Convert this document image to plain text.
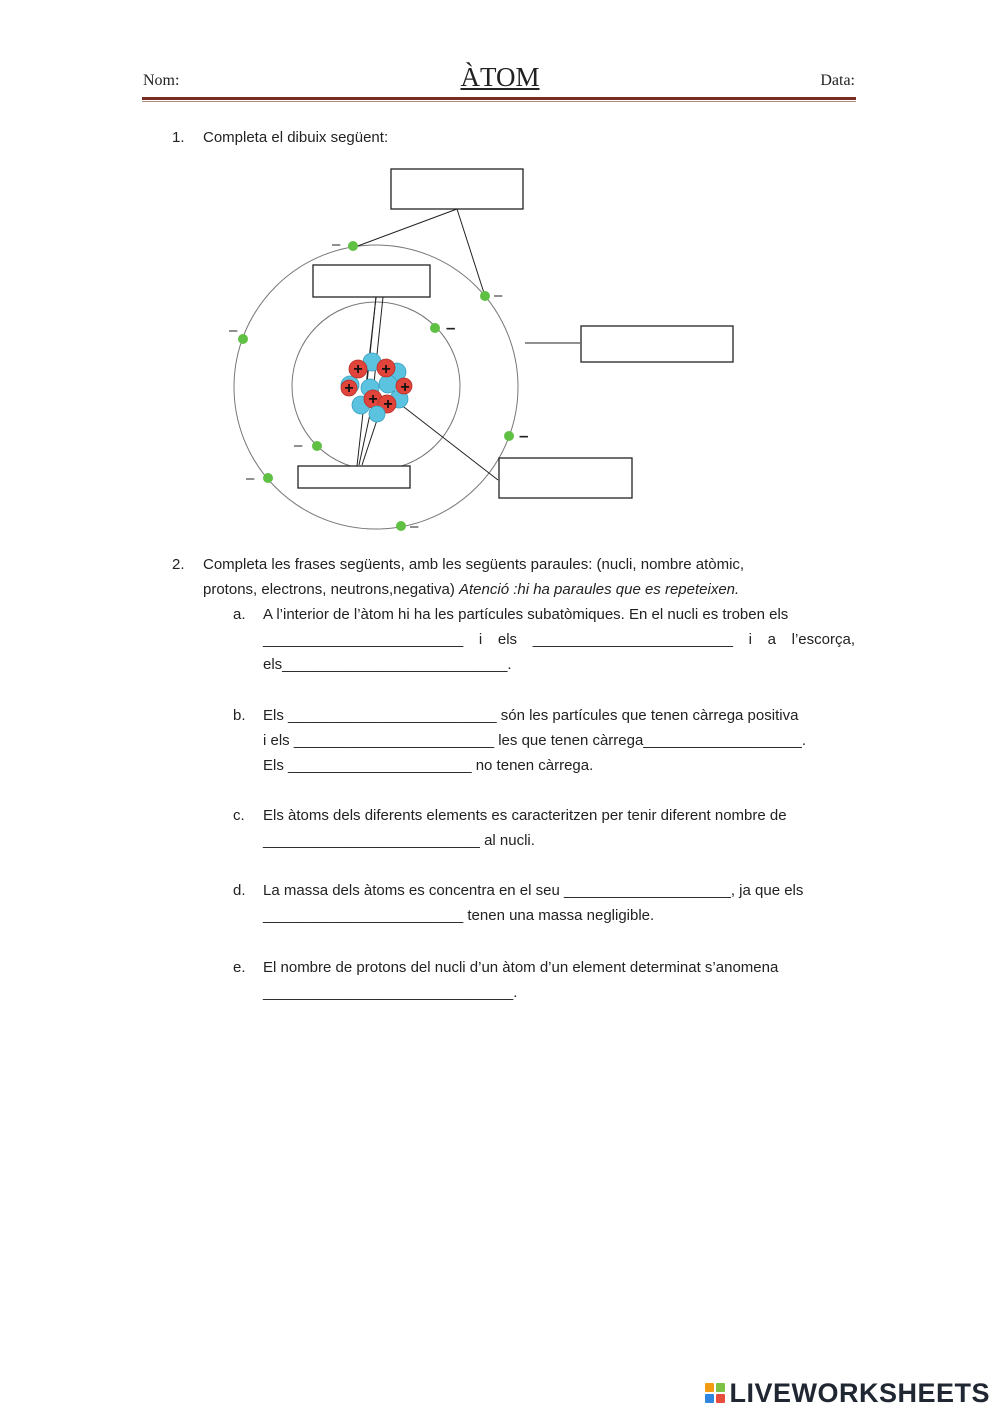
Nom:	ÀTOM	Data:
1. Completa el dibuix següent:
+ +
+	+
+ +
–
–
–	–
–
–
–
–
2. Completa les frases següents, amb les següents paraules: (nucli, nombre atòmic,
protons, electrons, neutrons,negativa) Atenció :hi ha paraules que es repeteixen.
a. A l’interior de l’àtom hi ha les partícules subatòmiques. En el nucli es troben els

________________________ i els ________________________ i a l’escorça,

els___________________________.

b. Els _________________________ són les partícules que tenen càrrega positiva

i els ________________________ les que tenen càrrega___________________.

Els ______________________ no tenen càrrega.

c. Els àtoms dels diferents elements es caracteritzen per tenir diferent nombre de

__________________________ al nucli.

d. La massa dels àtoms es concentra en el seu ____________________, ja que els

________________________ tenen una massa negligible.

e. El nombre de protons del nucli d’un àtom d’un element determinat s’anomena

______________________________.

LIVEWORKSHEETS
